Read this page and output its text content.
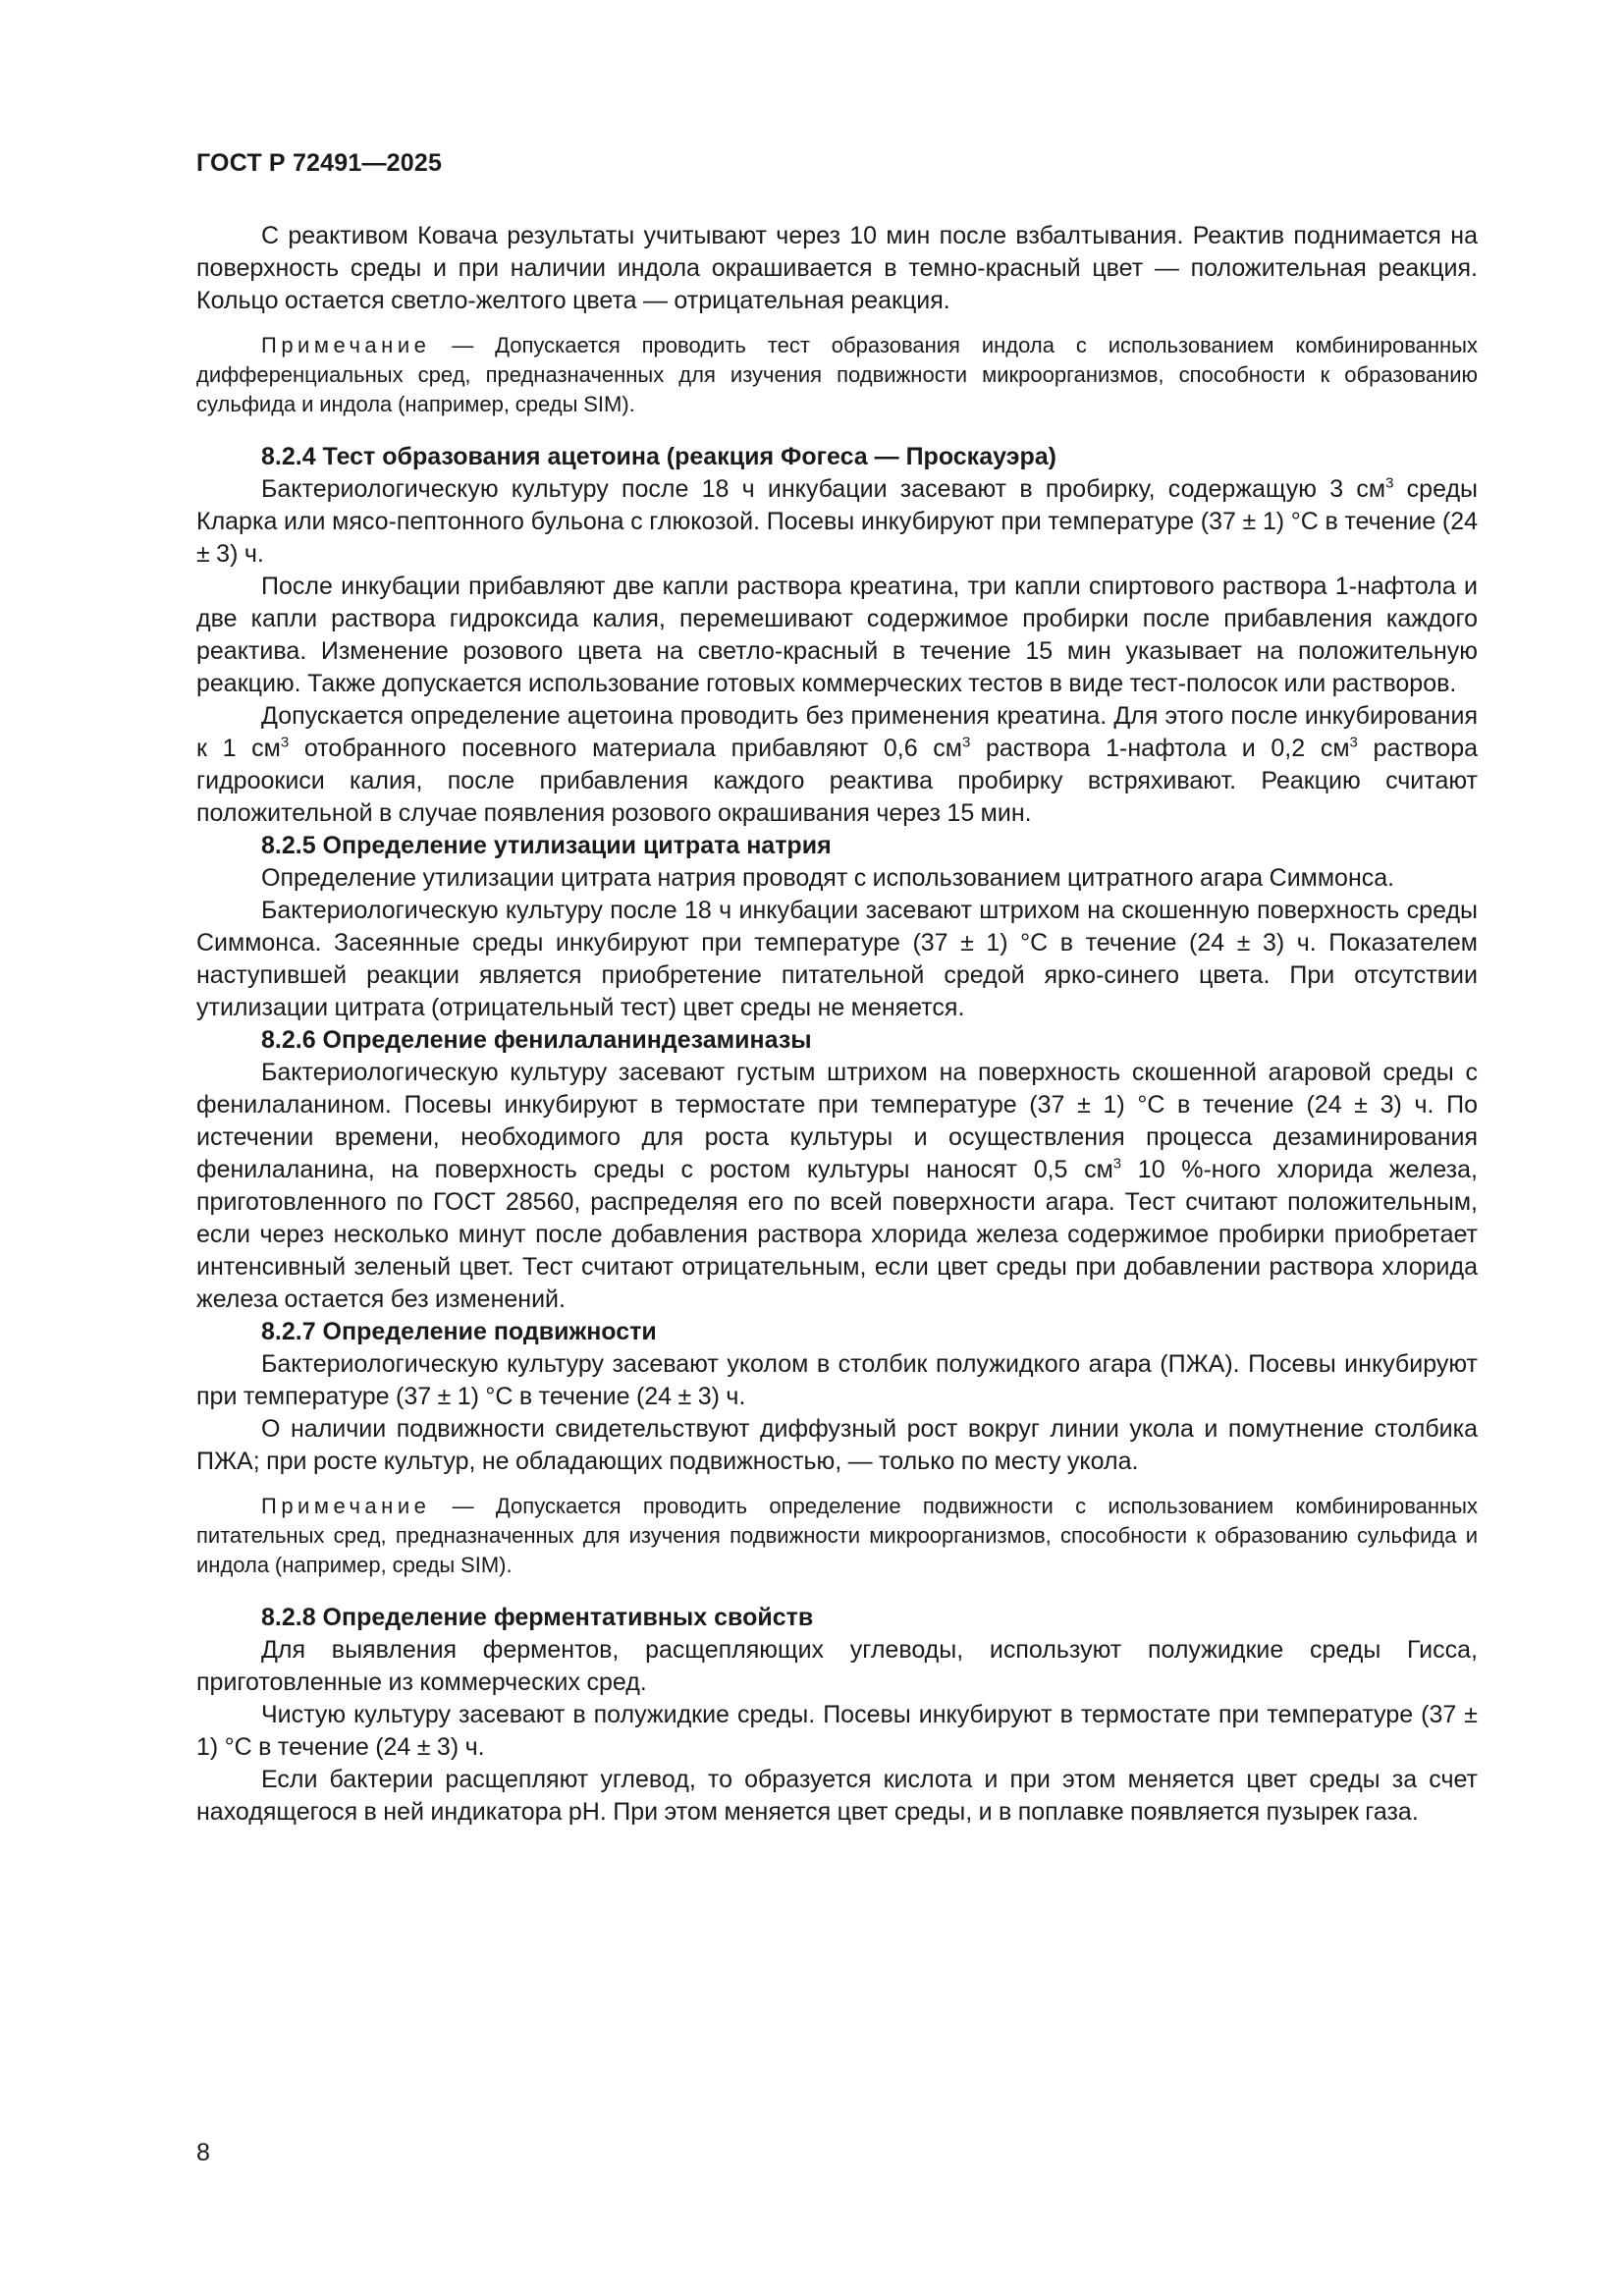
ГОСТ Р 72491—2025

С реактивом Ковача результаты учитывают через 10 мин после взбалтывания. Реактив поднимается на поверхность среды и при наличии индола окрашивается в темно-красный цвет — положительная реакция. Кольцо остается светло-желтого цвета — отрицательная реакция.

Примечание — Допускается проводить тест образования индола с использованием комбинированных дифференциальных сред, предназначенных для изучения подвижности микроорганизмов, способности к образованию сульфида и индола (например, среды SIM).

8.2.4 Тест образования ацетоина (реакция Фогеса — Проскауэра)

Бактериологическую культуру после 18 ч инкубации засевают в пробирку, содержащую 3 $см^3$ среды Кларка или мясо-пептонного бульона с глюкозой. Посевы инкубируют при температуре (37 ± 1) °С в течение (24 ± 3) ч.

После инкубации прибавляют две капли раствора креатина, три капли спиртового раствора 1-нафтола и две капли раствора гидроксида калия, перемешивают содержимое пробирки после прибавления каждого реактива. Изменение розового цвета на светло-красный в течение 15 мин указывает на положительную реакцию. Также допускается использование готовых коммерческих тестов в виде тест-полосок или растворов.

Допускается определение ацетоина проводить без применения креатина. Для этого после инкубирования к 1 $см^3$ отобранного посевного материала прибавляют 0,6 $см^3$ раствора 1-нафтола и 0,2 $см^3$ раствора гидроокиси калия, после прибавления каждого реактива пробирку встряхивают. Реакцию считают положительной в случае появления розового окрашивания через 15 мин.

8.2.5 Определение утилизации цитрата натрия

Определение утилизации цитрата натрия проводят с использованием цитратного агара Симмонса.

Бактериологическую культуру после 18 ч инкубации засевают штрихом на скошенную поверхность среды Симмонса. Засеянные среды инкубируют при температуре (37 ± 1) °С в течение (24 ± 3) ч. Показателем наступившей реакции является приобретение питательной средой ярко-синего цвета. При отсутствии утилизации цитрата (отрицательный тест) цвет среды не меняется.

8.2.6 Определение фенилаланиндезаминазы

Бактериологическую культуру засевают густым штрихом на поверхность скошенной агаровой среды с фенилаланином. Посевы инкубируют в термостате при температуре (37 ± 1) °С в течение (24 ± 3) ч. По истечении времени, необходимого для роста культуры и осуществления процесса дезаминирования фенилаланина, на поверхность среды с ростом культуры наносят 0,5 $см^3$ 10 %-ного хлорида железа, приготовленного по ГОСТ 28560, распределяя его по всей поверхности агара. Тест считают положительным, если через несколько минут после добавления раствора хлорида железа содержимое пробирки приобретает интенсивный зеленый цвет. Тест считают отрицательным, если цвет среды при добавлении раствора хлорида железа остается без изменений.

8.2.7 Определение подвижности

Бактериологическую культуру засевают уколом в столбик полужидкого агара (ПЖА). Посевы инкубируют при температуре (37 ± 1) °С в течение (24 ± 3) ч.

О наличии подвижности свидетельствуют диффузный рост вокруг линии укола и помутнение столбика ПЖА; при росте культур, не обладающих подвижностью, — только по месту укола.

Примечание — Допускается проводить определение подвижности с использованием комбинированных питательных сред, предназначенных для изучения подвижности микроорганизмов, способности к образованию сульфида и индола (например, среды SIM).

8.2.8 Определение ферментативных свойств

Для выявления ферментов, расщепляющих углеводы, используют полужидкие среды Гисса, приготовленные из коммерческих сред.

Чистую культуру засевают в полужидкие среды. Посевы инкубируют в термостате при температуре (37 ± 1) °С в течение (24 ± 3) ч.

Если бактерии расщепляют углевод, то образуется кислота и при этом меняется цвет среды за счет находящегося в ней индикатора рН. При этом меняется цвет среды, и в поплавке появляется пузырек газа.

8
